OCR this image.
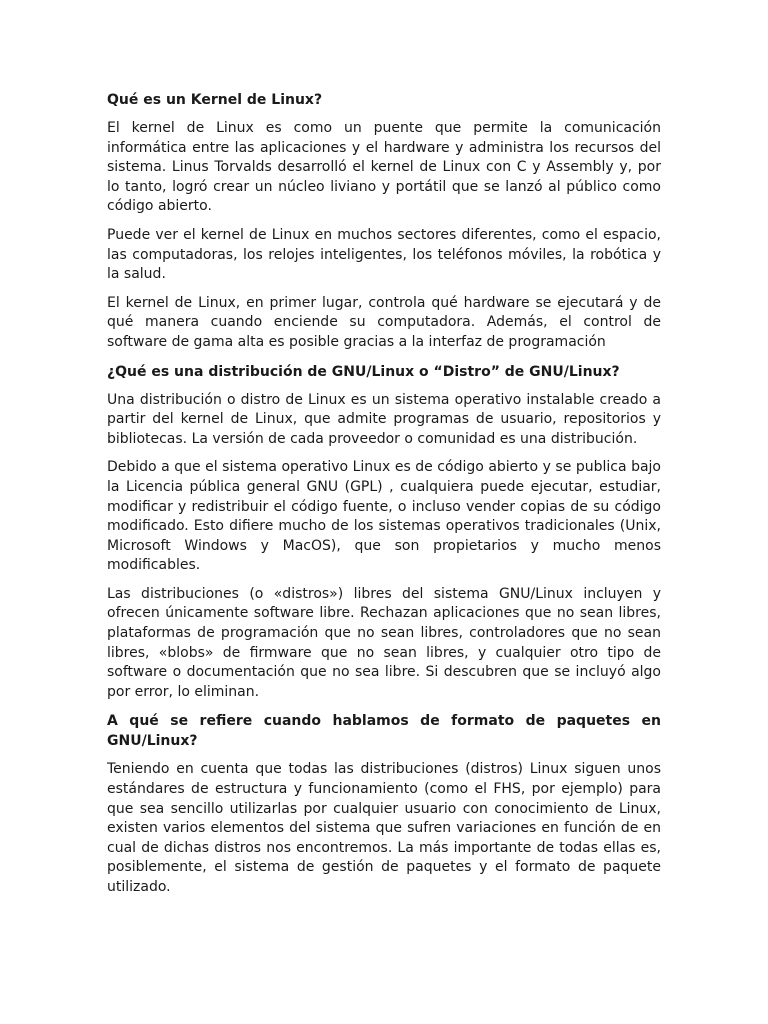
Qué es un Kernel de Linux?

El kernel de Linux es como un puente que permite la comunicación informática entre las aplicaciones y el hardware y administra los recursos del sistema. Linus Torvalds desarrolló el kernel de Linux con C y Assembly y, por lo tanto, logró crear un núcleo liviano y portátil que se lanzó al público como código abierto.

Puede ver el kernel de Linux en muchos sectores diferentes, como el espacio, las computadoras, los relojes inteligentes, los teléfonos móviles, la robótica y la salud.

El kernel de Linux, en primer lugar, controla qué hardware se ejecutará y de qué manera cuando enciende su computadora. Además, el control de software de gama alta es posible gracias a la interfaz de programación

¿Qué es una distribución de GNU/Linux o “Distro” de GNU/Linux?

Una distribución o distro de Linux es un sistema operativo instalable creado a partir del kernel de Linux, que admite programas de usuario, repositorios y bibliotecas. La versión de cada proveedor o comunidad es una distribución.

Debido a que el sistema operativo Linux es de código abierto y se publica bajo la Licencia pública general GNU (GPL) , cualquiera puede ejecutar, estudiar, modificar y redistribuir el código fuente, o incluso vender copias de su código modificado. Esto difiere mucho de los sistemas operativos tradicionales (Unix, Microsoft Windows y MacOS), que son propietarios y mucho menos modificables.

Las distribuciones (o «distros») libres del sistema GNU/Linux incluyen y ofrecen únicamente software libre. Rechazan aplicaciones que no sean libres, plataformas de programación que no sean libres, controladores que no sean libres, «blobs» de firmware que no sean libres, y cualquier otro tipo de software o documentación que no sea libre. Si descubren que se incluyó algo por error, lo eliminan.

A qué se refiere cuando hablamos de formato de paquetes en GNU/Linux?

Teniendo en cuenta que todas las distribuciones (distros) Linux siguen unos estándares de estructura y funcionamiento (como el FHS, por ejemplo) para que sea sencillo utilizarlas por cualquier usuario con conocimiento de Linux, existen varios elementos del sistema que sufren variaciones en función de en cual de dichas distros nos encontremos. La más importante de todas ellas es, posiblemente, el sistema de gestión de paquetes y el formato de paquete utilizado.
